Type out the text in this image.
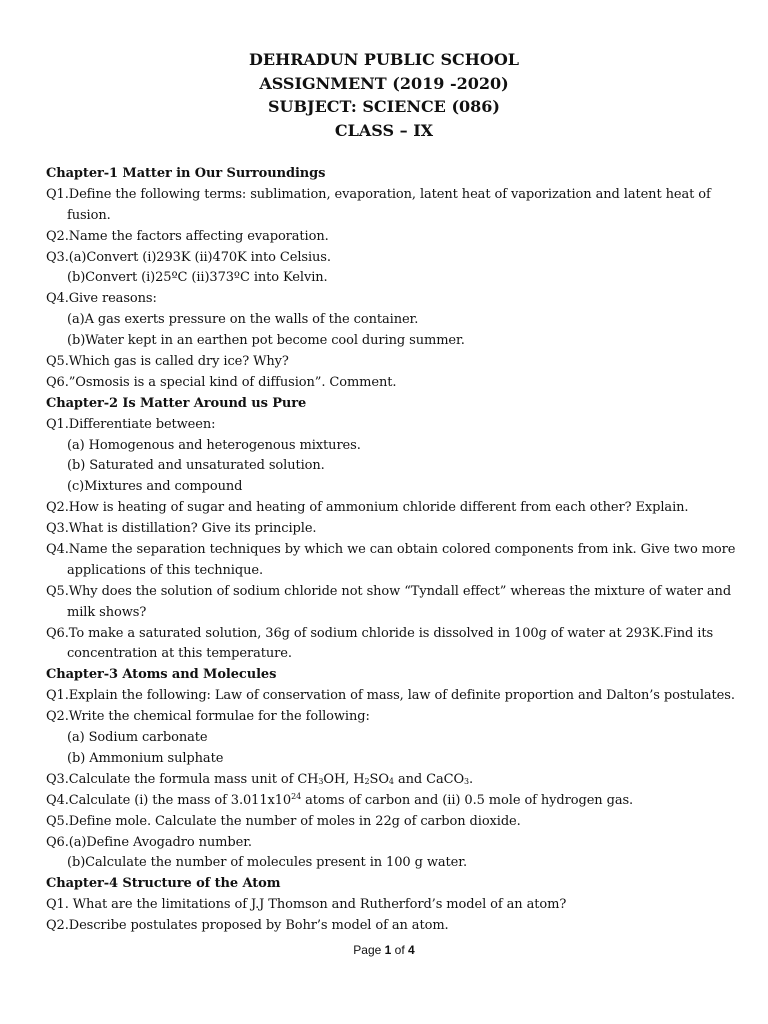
DEHRADUN PUBLIC SCHOOL
ASSIGNMENT (2019 -2020)
SUBJECT: SCIENCE (086)
CLASS – IX
Chapter-1 Matter in Our Surroundings
Q1.Define the following terms: sublimation, evaporation, latent heat of vaporization and latent heat of
fusion.
Q2.Name the factors affecting evaporation.
Q3.(a)Convert (i)293K (ii)470K into Celsius.
(b)Convert (i)25ºC (ii)373ºC into Kelvin.
Q4.Give reasons:
(a)A gas exerts pressure on the walls of the container.
(b)Water kept in an earthen pot become cool during summer.
Q5.Which gas is called dry ice? Why?
Q6.”Osmosis is a special kind of diffusion”. Comment.
Chapter-2 Is Matter Around us Pure
Q1.Differentiate between:
(a) Homogenous and heterogenous mixtures.
(b) Saturated and unsaturated solution.
(c)Mixtures and compound
Q2.How is heating of sugar and heating of ammonium chloride different from each other? Explain.
Q3.What is distillation? Give its principle.
Q4.Name the separation techniques by which we can obtain colored components from ink. Give two more
applications of this technique.
Q5.Why does the solution of sodium chloride not show “Tyndall effect” whereas the mixture of water and
milk shows?
Q6.To make a saturated solution, 36g of sodium chloride is dissolved in 100g of water at 293K.Find its
concentration at this temperature.
Chapter-3 Atoms and Molecules
Q1.Explain the following: Law of conservation of mass, law of definite proportion and Dalton’s postulates.
Q2.Write the chemical formulae for the following:
(a) Sodium carbonate
(b) Ammonium sulphate
Q3.Calculate the formula mass unit of $CH_3OH$, $H_2SO_4$ and CaCO$_3$.
Q4.Calculate (i) the mass of $3.011x10^{24}$ atoms of carbon and (ii) 0.5 mole of hydrogen gas.
Q5.Define mole. Calculate the number of moles in 22g of carbon dioxide.
Q6.(a)Define Avogadro number.
(b)Calculate the number of molecules present in 100 g water.
Chapter-4 Structure of the Atom
Q1. What are the limitations of J.J Thomson and Rutherford’s model of an atom?
Q2.Describe postulates proposed by Bohr’s model of an atom.
Page 1 of 4
